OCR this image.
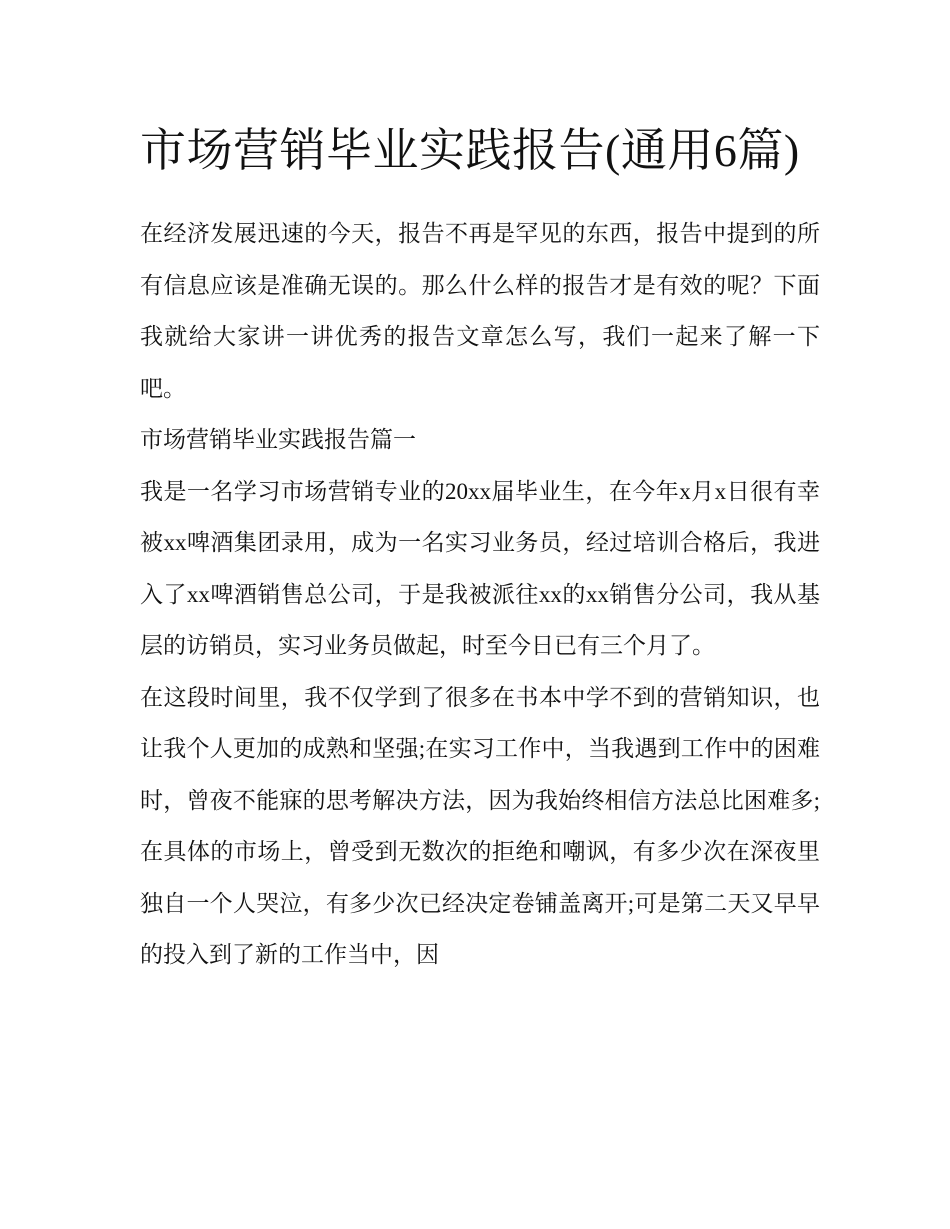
市场营销毕业实践报告(通用6篇)

在经济发展迅速的今天，报告不再是罕见的东西，报告中提到的所有信息应该是准确无误的。那么什么样的报告才是有效的呢？下面我就给大家讲一讲优秀的报告文章怎么写，我们一起来了解一下吧。

市场营销毕业实践报告篇一

我是一名学习市场营销专业的20xx届毕业生，在今年x月x日很有幸被xx啤酒集团录用，成为一名实习业务员，经过培训合格后，我进入了xx啤酒销售总公司，于是我被派往xx的xx销售分公司，我从基层的访销员，实习业务员做起，时至今日已有三个月了。

在这段时间里，我不仅学到了很多在书本中学不到的营销知识，也让我个人更加的成熟和坚强;在实习工作中，当我遇到工作中的困难时，曾夜不能寐的思考解决方法，因为我始终相信方法总比困难多;在具体的市场上，曾受到无数次的拒绝和嘲讽，有多少次在深夜里独自一个人哭泣，有多少次已经决定卷铺盖离开;可是第二天又早早的投入到了新的工作当中，因
